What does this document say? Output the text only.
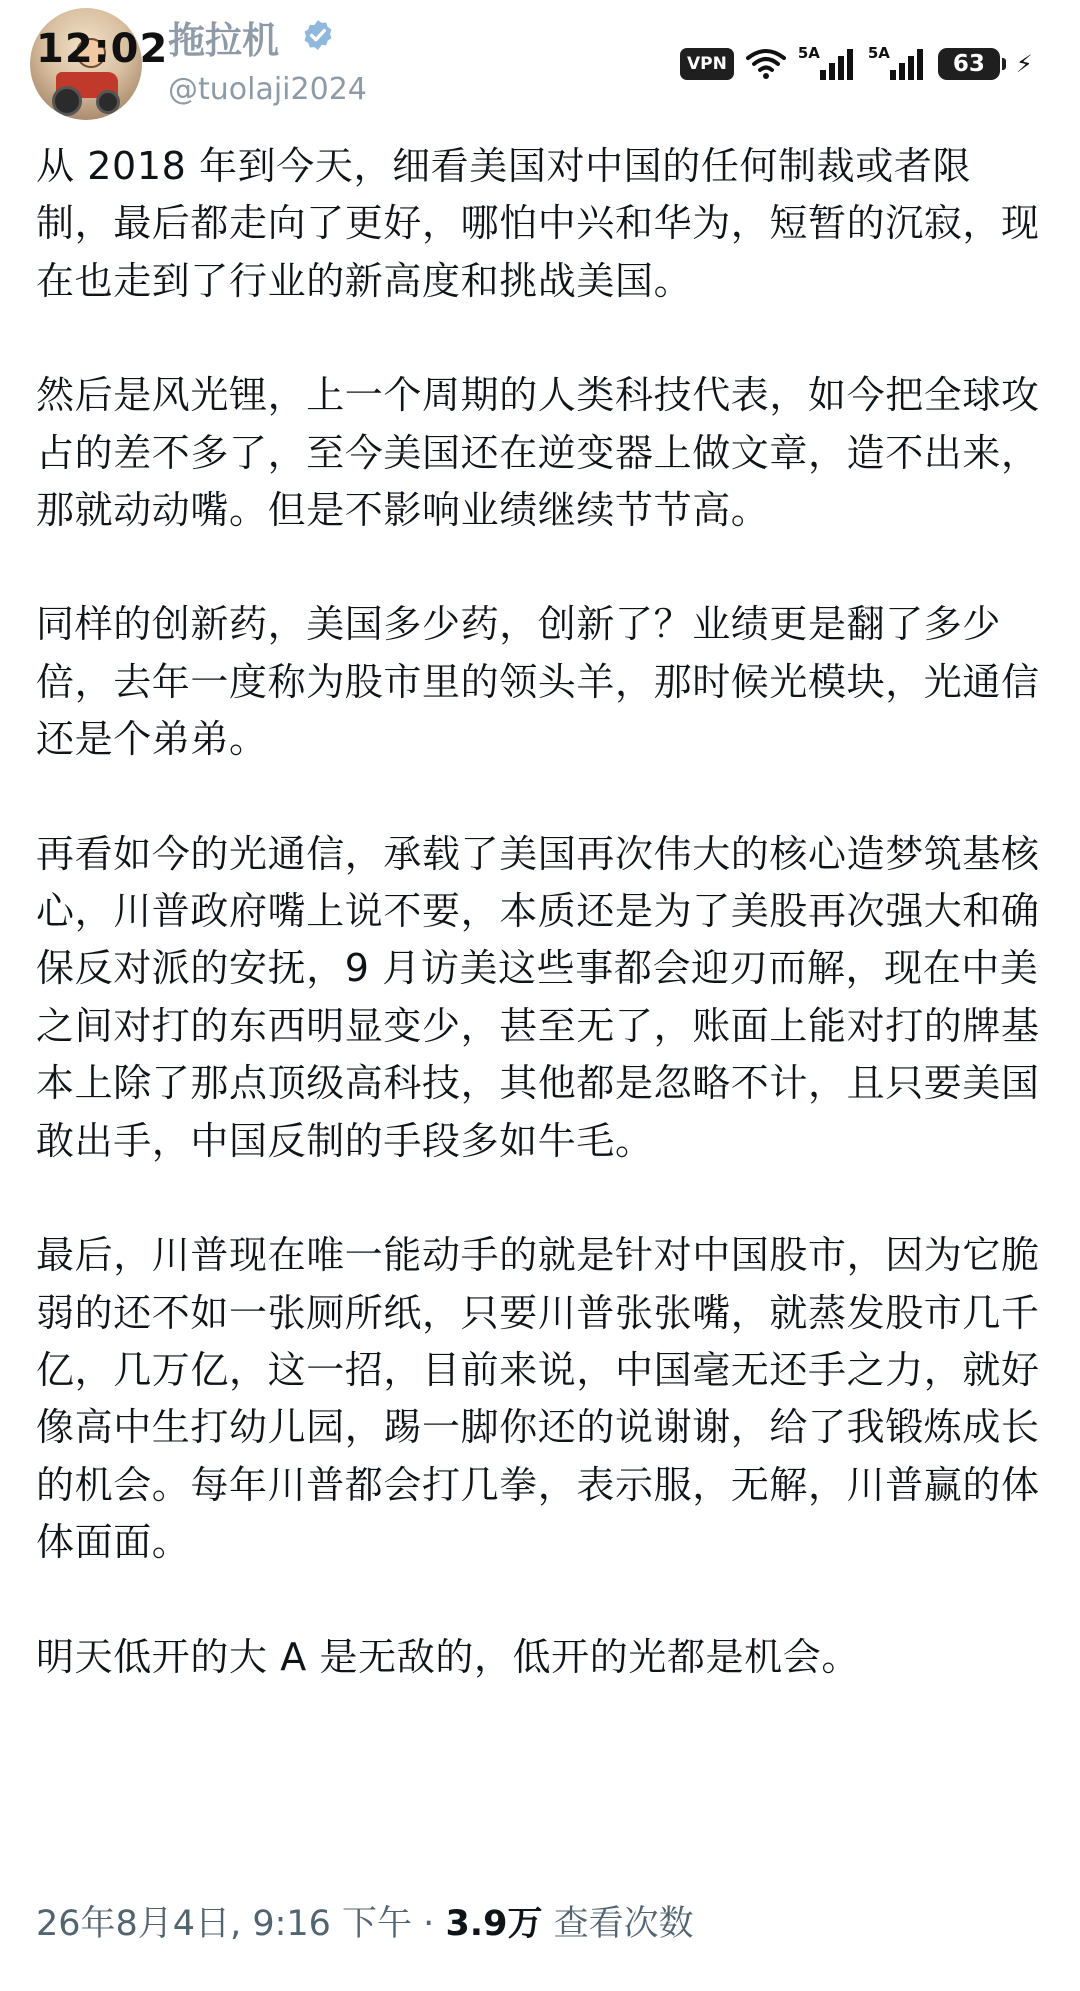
12:02 拖拉机
@tuolaji2024
VPN
5A	5A	63 ⚡

从 2018 年到今天，细看美国对中国的任何制裁或者限制，最后都走向了更好，哪怕中兴和华为，短暂的沉寂，现在也走到了行业的新高度和挑战美国。

然后是风光锂，上一个周期的人类科技代表，如今把全球攻占的差不多了，至今美国还在逆变器上做文章，造不出来，那就动动嘴。但是不影响业绩继续节节高。

同样的创新药，美国多少药，创新了？业绩更是翻了多少倍，去年一度称为股市里的领头羊，那时候光模块，光通信还是个弟弟。

再看如今的光通信，承载了美国再次伟大的核心造梦筑基核心，川普政府嘴上说不要，本质还是为了美股再次强大和确保反对派的安抚，9 月访美这些事都会迎刃而解，现在中美之间对打的东西明显变少，甚至无了，账面上能对打的牌基本上除了那点顶级高科技，其他都是忽略不计，且只要美国敢出手，中国反制的手段多如牛毛。

最后，川普现在唯一能动手的就是针对中国股市，因为它脆弱的还不如一张厕所纸，只要川普张张嘴，就蒸发股市几千亿，几万亿，这一招，目前来说，中国毫无还手之力，就好像高中生打幼儿园，踢一脚你还的说谢谢，给了我锻炼成长的机会。每年川普都会打几拳，表示服，无解，川普赢的体体面面。

明天低开的大 A 是无敌的，低开的光都是机会。

26年8月4日, 9:16 下午 · 3.9万 查看次数
